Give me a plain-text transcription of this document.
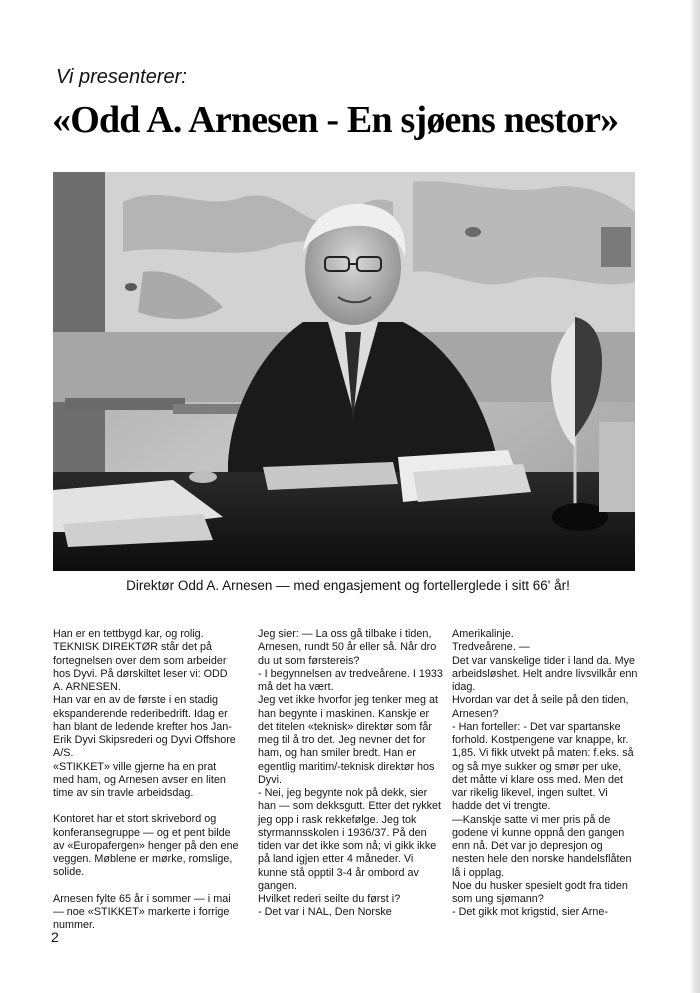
Vi presenterer:
«Odd A. Arnesen - En sjøens nestor»
Direktør Odd A. Arnesen — med engasjement og fortellerglede i sitt 66' år!

Han er en tettbygd kar, og rolig. TEKNISK DIREKTØR står det på fortegnelsen over dem som arbeider hos Dyvi. På dørskiltet leser vi: ODD A. ARNESEN.

Han var en av de første i en stadig ekspanderende rederibedrift. Idag er han blant de ledende krefter hos Jan-Erik Dyvi Skipsrederi og Dyvi Offshore A/S.

«STIKKET» ville gjerne ha en prat med ham, og Arnesen avser en liten time av sin travle arbeidsdag.

Kontoret har et stort skrivebord og konferansegruppe — og et pent bilde av «Europafergen» henger på den ene veggen. Møblene er mørke, romslige, solide.

Arnesen fylte 65 år i sommer — i mai — noe «STIKKET» markerte i forrige nummer.

Jeg sier: — La oss gå tilbake i tiden, Arnesen, rundt 50 år eller så. Når dro du ut som førstereis?

- I begynnelsen av tredveårene. I 1933 må det ha vært.

Jeg vet ikke hvorfor jeg tenker meg at han begynte i maskinen. Kanskje er det titelen «teknisk» direktør som får meg til å tro det. Jeg nevner det for ham, og han smiler bredt. Han er egentlig maritim/-teknisk direktør hos Dyvi.

- Nei, jeg begynte nok på dekk, sier han — som dekksgutt. Etter det rykket jeg opp i rask rekkefølge. Jeg tok styrmannsskolen i 1936/37. På den tiden var det ikke som nå; vi gikk ikke på land igjen etter 4 måneder. Vi kunne stå opptil 3-4 år ombord av gangen.

Hvilket rederi seilte du først i?

- Det var i NAL, Den Norske

Amerikalinje.

Tredveårene. —

Det var vanskelige tider i land da. Mye arbeidsløshet. Helt andre livsvilkår enn idag.

Hvordan var det å seile på den tiden, Arnesen?

- Han forteller: - Det var spartanske forhold. Kostpengene var knappe, kr. 1,85. Vi fikk utvekt på maten: f.eks. så og så mye sukker og smør per uke, det måtte vi klare oss med. Men det var rikelig likevel, ingen sultet. Vi hadde det vi trengte.

—Kanskje satte vi mer pris på de godene vi kunne oppnå den gangen enn nå. Det var jo depresjon og nesten hele den norske handelsflåten lå i opplag.

Noe du husker spesielt godt fra tiden som ung sjømann?

- Det gikk mot krigstid, sier Arne-

2
